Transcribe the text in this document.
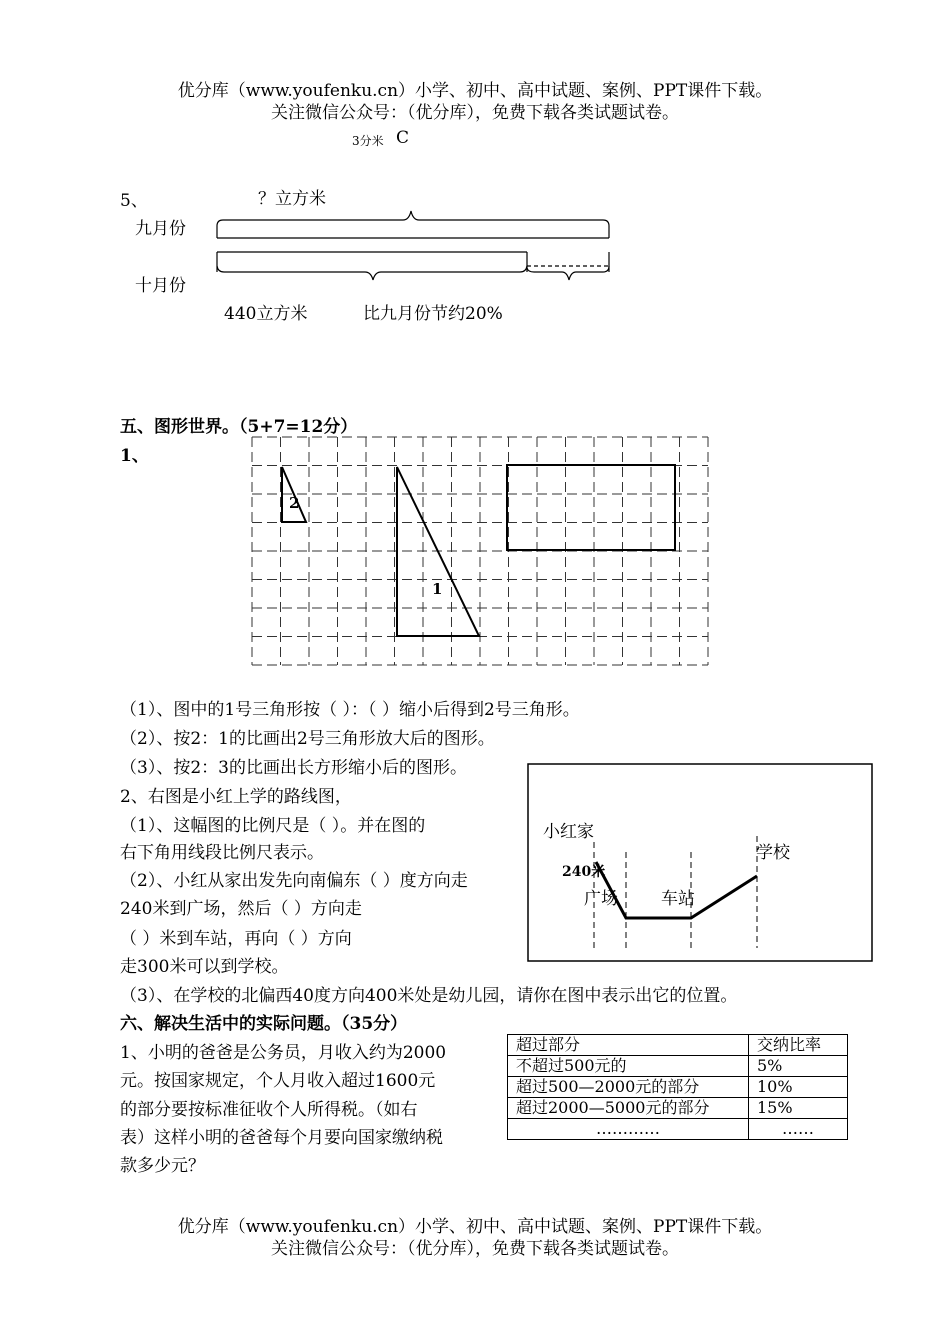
优分库（www.youfenku.cn）小学、初中、高中试题、案例、PPT课件下载。
关注微信公众号：（优分库），免费下载各类试题试卷。
3分米 C
5、	？立方米
九月份
十月份
440立方米	比九月份节约20%
五、图形世界。（5+7=12分）
1、
2
1
（1）、图中的1号三角形按（ ）：（ ）缩小后得到2号三角形。
（2）、按2：1的比画出2号三角形放大后的图形。
（3）、按2：3的比画出长方形缩小后的图形。
2、右图是小红上学的路线图，
（1）、这幅图的比例尺是（ ）。并在图的
右下角用线段比例尺表示。
（2）、小红从家出发先向南偏东（ ）度方向走
240米到广场，然后（ ）方向走
（ ）米到车站，再向（ ）方向
走300米可以到学校。
（3）、在学校的北偏西40度方向400米处是幼儿园，请你在图中表示出它的位置。
小红家
240米
广场	车站
学校
六、解决生活中的实际问题。（35分）
1、小明的爸爸是公务员，月收入约为2000
元。按国家规定，个人月收入超过1600元
的部分要按标准征收个人所得税。（如右
表）这样小明的爸爸每个月要向国家缴纳税
款多少元？
超过部分	交纳比率
不超过500元的	5%
超过500—2000元的部分	10%
超过2000—5000元的部分	15%
…………	……
优分库（www.youfenku.cn）小学、初中、高中试题、案例、PPT课件下载。
关注微信公众号：（优分库），免费下载各类试题试卷。
